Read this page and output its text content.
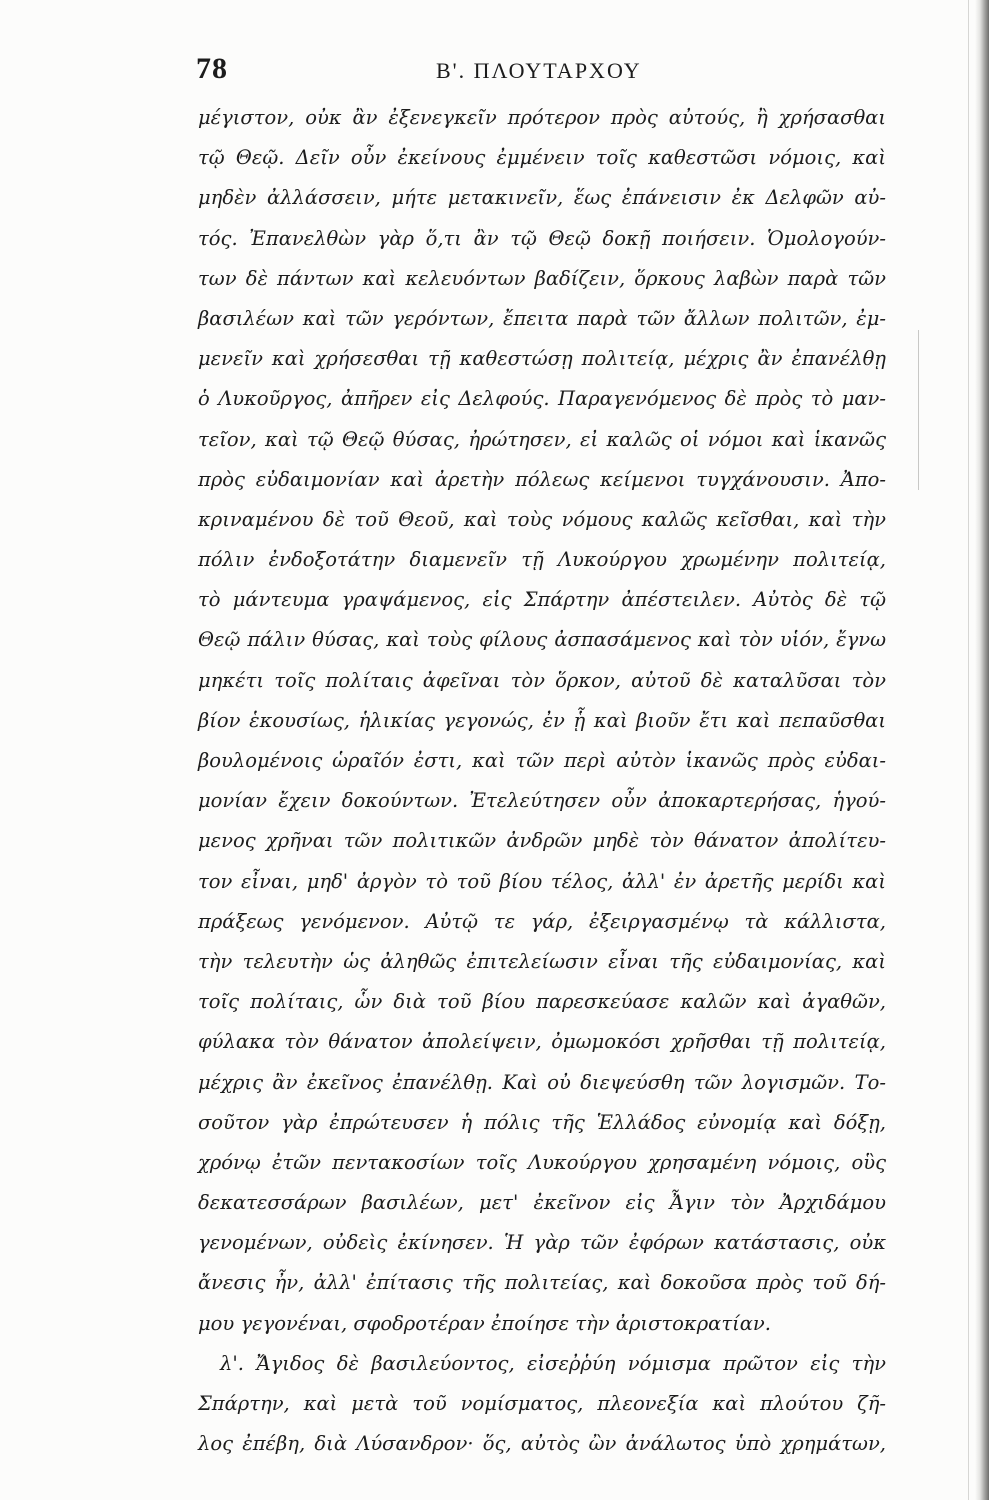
78	Β'. ΠΛΟΥΤΑΡΧΟΥ
μέγιστον, οὐκ ἂν ἐξενεγκεῖν πρότερον πρὸς αὐτούς, ἢ χρήσασθαι
τῷ Θεῷ. Δεῖν οὖν ἐκείνους ἐμμένειν τοῖς καθεστῶσι νόμοις, καὶ
μηδὲν ἀλλάσσειν, μήτε μετακινεῖν, ἕως ἐπάνεισιν ἐκ Δελφῶν αὐ-
τός. Ἐπανελθὼν γὰρ ὅ,τι ἂν τῷ Θεῷ δοκῇ ποιήσειν. Ὁμολογούν-
των δὲ πάντων καὶ κελευόντων βαδίζειν, ὅρκους λαβὼν παρὰ τῶν
βασιλέων καὶ τῶν γερόντων, ἔπειτα παρὰ τῶν ἄλλων πολιτῶν, ἐμ-
μενεῖν καὶ χρήσεσθαι τῇ καθεστώσῃ πολιτείᾳ, μέχρις ἂν ἐπανέλθῃ
ὁ Λυκοῦργος, ἀπῆρεν εἰς Δελφούς. Παραγενόμενος δὲ πρὸς τὸ μαν-
τεῖον, καὶ τῷ Θεῷ θύσας, ἠρώτησεν, εἰ καλῶς οἱ νόμοι καὶ ἱκανῶς
πρὸς εὐδαιμονίαν καὶ ἀρετὴν πόλεως κείμενοι τυγχάνουσιν. Ἀπο-
κριναμένου δὲ τοῦ Θεοῦ, καὶ τοὺς νόμους καλῶς κεῖσθαι, καὶ τὴν
πόλιν ἐνδοξοτάτην διαμενεῖν τῇ Λυκούργου χρωμένην πολιτείᾳ,
τὸ μάντευμα γραψάμενος, εἰς Σπάρτην ἀπέστειλεν. Αὐτὸς δὲ τῷ
Θεῷ πάλιν θύσας, καὶ τοὺς φίλους ἀσπασάμενος καὶ τὸν υἱόν, ἔγνω
μηκέτι τοῖς πολίταις ἀφεῖναι τὸν ὅρκον, αὐτοῦ δὲ καταλῦσαι τὸν
βίον ἑκουσίως, ἡλικίας γεγονώς, ἐν ᾗ καὶ βιοῦν ἔτι καὶ πεπαῦσθαι
βουλομένοις ὡραῖόν ἐστι, καὶ τῶν περὶ αὐτὸν ἱκανῶς πρὸς εὐδαι-
μονίαν ἔχειν δοκούντων. Ἐτελεύτησεν οὖν ἀποκαρτερήσας, ἡγού-
μενος χρῆναι τῶν πολιτικῶν ἀνδρῶν μηδὲ τὸν θάνατον ἀπολίτευ-
τον εἶναι, μηδ' ἀργὸν τὸ τοῦ βίου τέλος, ἀλλ' ἐν ἀρετῆς μερίδι καὶ
πράξεως γενόμενον. Αὐτῷ τε γάρ, ἐξειργασμένῳ τὰ κάλλιστα,
τὴν τελευτὴν ὡς ἀληθῶς ἐπιτελείωσιν εἶναι τῆς εὐδαιμονίας, καὶ
τοῖς πολίταις, ὧν διὰ τοῦ βίου παρεσκεύασε καλῶν καὶ ἀγαθῶν,
φύλακα τὸν θάνατον ἀπολείψειν, ὀμωμοκόσι χρῆσθαι τῇ πολιτείᾳ,
μέχρις ἂν ἐκεῖνος ἐπανέλθῃ. Καὶ οὐ διεψεύσθη τῶν λογισμῶν. Το-
σοῦτον γὰρ ἐπρώτευσεν ἡ πόλις τῆς Ἑλλάδος εὐνομίᾳ καὶ δόξῃ,
χρόνῳ ἐτῶν πεντακοσίων τοῖς Λυκούργου χρησαμένη νόμοις, οὓς
δεκατεσσάρων βασιλέων, μετ' ἐκεῖνον εἰς Ἆγιν τὸν Ἀρχιδάμου
γενομένων, οὐδεὶς ἐκίνησεν. Ἡ γὰρ τῶν ἐφόρων κατάστασις, οὐκ
ἄνεσις ἦν, ἀλλ' ἐπίτασις τῆς πολιτείας, καὶ δοκοῦσα πρὸς τοῦ δή-
μου γεγονέναι, σφοδροτέραν ἐποίησε τὴν ἀριστοκρατίαν.
λ'. Ἄγιδος δὲ βασιλεύοντος, εἰσεῤῥύη νόμισμα πρῶτον εἰς τὴν
Σπάρτην, καὶ μετὰ τοῦ νομίσματος, πλεονεξία καὶ πλούτου ζῆ-
λος ἐπέβη, διὰ Λύσανδρον· ὅς, αὐτὸς ὢν ἀνάλωτος ὑπὸ χρημάτων,
